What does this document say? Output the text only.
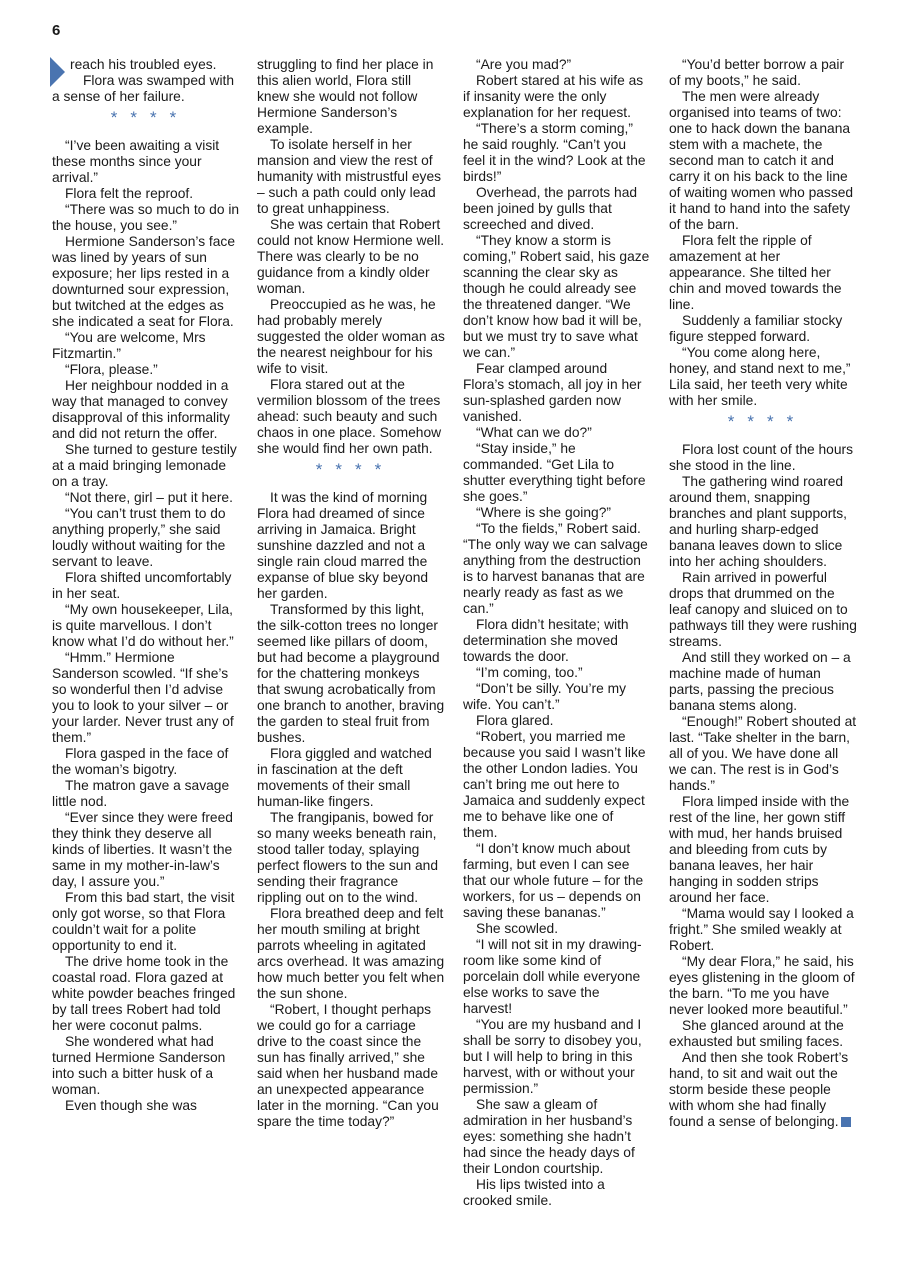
6

reach his troubled eyes.

Flora was swamped with a sense of her failure.

****

“I’ve been awaiting a visit these months since your arrival.”

Flora felt the reproof.

“There was so much to do in the house, you see.”

Hermione Sanderson’s face was lined by years of sun exposure; her lips rested in a downturned sour expression, but twitched at the edges as she indicated a seat for Flora.

“You are welcome, Mrs Fitzmartin.”

“Flora, please.”

Her neighbour nodded in a way that managed to convey disapproval of this informality and did not return the offer.

She turned to gesture testily at a maid bringing lemonade on a tray.

“Not there, girl – put it here.

“You can’t trust them to do anything properly,” she said loudly without waiting for the servant to leave.

Flora shifted uncomfortably in her seat.

“My own housekeeper, Lila, is quite marvellous. I don’t know what I’d do without her.”

“Hmm.” Hermione Sanderson scowled. “If she’s so wonderful then I’d advise you to look to your silver – or your larder. Never trust any of them.”

Flora gasped in the face of the woman’s bigotry.

The matron gave a savage little nod.

“Ever since they were freed they think they deserve all kinds of liberties. It wasn’t the same in my mother-in-law’s day, I assure you.”

From this bad start, the visit only got worse, so that Flora couldn’t wait for a polite opportunity to end it.

The drive home took in the coastal road. Flora gazed at white powder beaches fringed by tall trees Robert had told her were coconut palms.

She wondered what had turned Hermione Sanderson into such a bitter husk of a woman.

Even though she was

struggling to find her place in this alien world, Flora still knew she would not follow Hermione Sanderson’s example.

To isolate herself in her mansion and view the rest of humanity with mistrustful eyes – such a path could only lead to great unhappiness.

She was certain that Robert could not know Hermione well. There was clearly to be no guidance from a kindly older woman.

Preoccupied as he was, he had probably merely suggested the older woman as the nearest neighbour for his wife to visit.

Flora stared out at the vermilion blossom of the trees ahead: such beauty and such chaos in one place. Somehow she would find her own path.

****

It was the kind of morning Flora had dreamed of since arriving in Jamaica. Bright sunshine dazzled and not a single rain cloud marred the expanse of blue sky beyond her garden.

Transformed by this light, the silk-cotton trees no longer seemed like pillars of doom, but had become a playground for the chattering monkeys that swung acrobatically from one branch to another, braving the garden to steal fruit from bushes.

Flora giggled and watched in fascination at the deft movements of their small human-like fingers.

The frangipanis, bowed for so many weeks beneath rain, stood taller today, splaying perfect flowers to the sun and sending their fragrance rippling out on to the wind.

Flora breathed deep and felt her mouth smiling at bright parrots wheeling in agitated arcs overhead. It was amazing how much better you felt when the sun shone.

“Robert, I thought perhaps we could go for a carriage drive to the coast since the sun has finally arrived,” she said when her husband made an unexpected appearance later in the morning. “Can you spare the time today?”

“Are you mad?”

Robert stared at his wife as if insanity were the only explanation for her request.

“There’s a storm coming,” he said roughly. “Can’t you feel it in the wind? Look at the birds!”

Overhead, the parrots had been joined by gulls that screeched and dived.

“They know a storm is coming,” Robert said, his gaze scanning the clear sky as though he could already see the threatened danger. “We don’t know how bad it will be, but we must try to save what we can.”

Fear clamped around Flora’s stomach, all joy in her sun-splashed garden now vanished.

“What can we do?”

“Stay inside,” he commanded. “Get Lila to shutter everything tight before she goes.”

“Where is she going?”

“To the fields,” Robert said. “The only way we can salvage anything from the destruction is to harvest bananas that are nearly ready as fast as we can.”

Flora didn’t hesitate; with determination she moved towards the door.

“I’m coming, too.”

“Don’t be silly. You’re my wife. You can’t.”

Flora glared.

“Robert, you married me because you said I wasn’t like the other London ladies. You can’t bring me out here to Jamaica and suddenly expect me to behave like one of them.

“I don’t know much about farming, but even I can see that our whole future – for the workers, for us – depends on saving these bananas.”

She scowled.

“I will not sit in my drawing-room like some kind of porcelain doll while everyone else works to save the harvest!

“You are my husband and I shall be sorry to disobey you, but I will help to bring in this harvest, with or without your permission.”

She saw a gleam of admiration in her husband’s eyes: something she hadn’t had since the heady days of their London courtship.

His lips twisted into a crooked smile.

“You’d better borrow a pair of my boots,” he said.

The men were already organised into teams of two: one to hack down the banana stem with a machete, the second man to catch it and carry it on his back to the line of waiting women who passed it hand to hand into the safety of the barn.

Flora felt the ripple of amazement at her appearance. She tilted her chin and moved towards the line.

Suddenly a familiar stocky figure stepped forward.

“You come along here, honey, and stand next to me,” Lila said, her teeth very white with her smile.

****

Flora lost count of the hours she stood in the line.

The gathering wind roared around them, snapping branches and plant supports, and hurling sharp-edged banana leaves down to slice into her aching shoulders.

Rain arrived in powerful drops that drummed on the leaf canopy and sluiced on to pathways till they were rushing streams.

And still they worked on – a machine made of human parts, passing the precious banana stems along.

“Enough!” Robert shouted at last. “Take shelter in the barn, all of you. We have done all we can. The rest is in God’s hands.”

Flora limped inside with the rest of the line, her gown stiff with mud, her hands bruised and bleeding from cuts by banana leaves, her hair hanging in sodden strips around her face.

“Mama would say I looked a fright.” She smiled weakly at Robert.

“My dear Flora,” he said, his eyes glistening in the gloom of the barn. “To me you have never looked more beautiful.”

She glanced around at the exhausted but smiling faces.

And then she took Robert’s hand, to sit and wait out the storm beside these people with whom she had finally found a sense of belonging.
